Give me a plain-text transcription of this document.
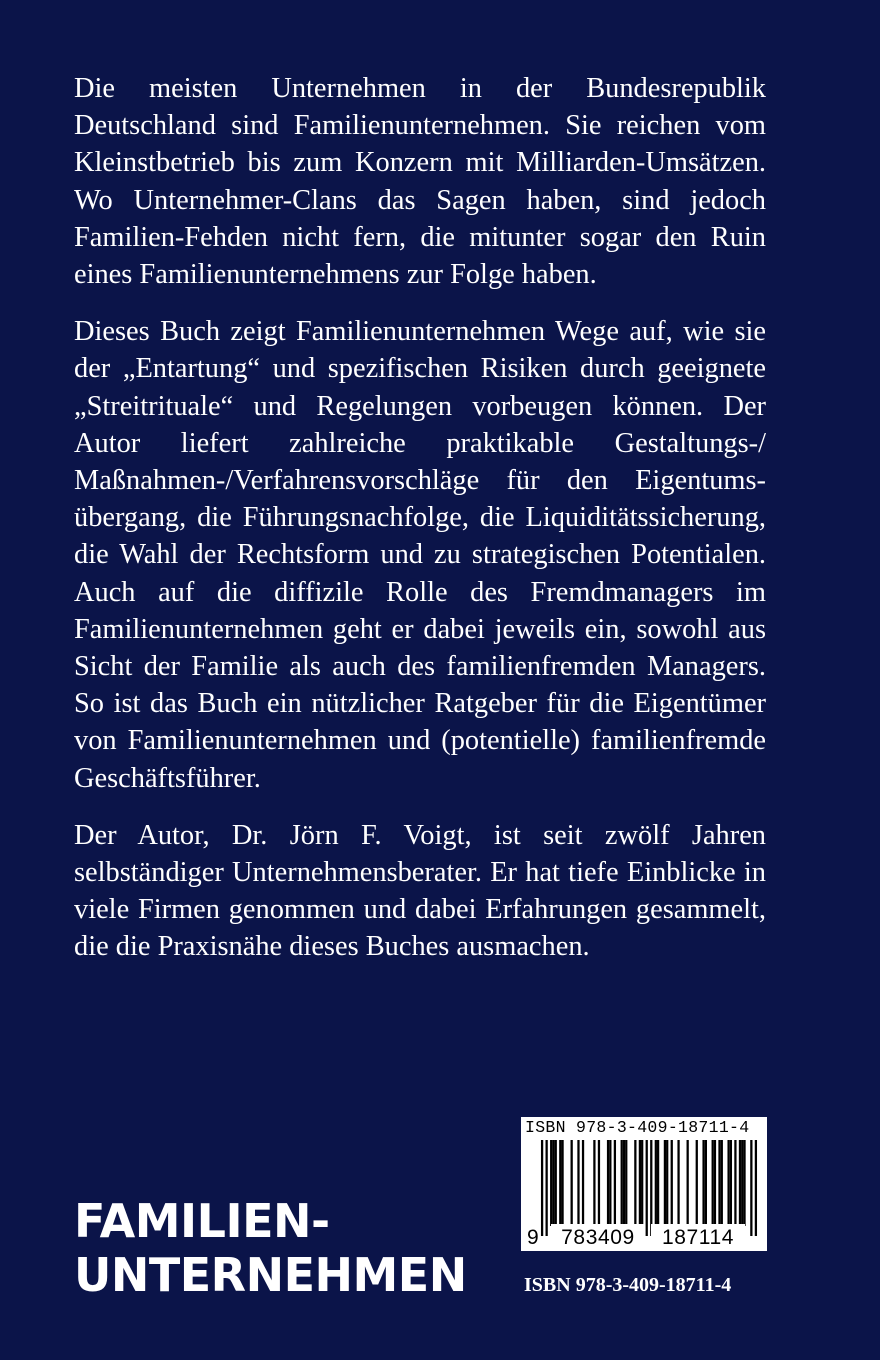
Die meisten Unternehmen in der Bundesrepublik Deutschland sind Familienunternehmen. Sie reichen vom Kleinstbetrieb bis zum Konzern mit Milliarden-Umsätzen. Wo Unternehmer-Clans das Sagen haben, sind jedoch Familien-Fehden nicht fern, die mitunter sogar den Ruin eines Familienunternehmens zur Folge haben.

Dieses Buch zeigt Familienunternehmen Wege auf, wie sie der „Entartung“ und spezifischen Risiken durch geeignete „Streitrituale“ und Regelungen vorbeugen können. Der Autor liefert zahlreiche praktikable Gestaltungs-/ Maßnahmen-/Verfahrensvorschläge für den Eigentumsübergang, die Führungsnachfolge, die Liquiditätssicherung, die Wahl der Rechtsform und zu strategischen Potentialen. Auch auf die diffizile Rolle des Fremdmanagers im Familienunternehmen geht er dabei jeweils ein, sowohl aus Sicht der Familie als auch des familienfremden Managers. So ist das Buch ein nützlicher Ratgeber für die Eigentümer von Familienunternehmen und (potentielle) familienfremde Geschäftsführer.

Der Autor, Dr. Jörn F. Voigt, ist seit zwölf Jahren selbständiger Unternehmensberater. Er hat tiefe Einblicke in viele Firmen genommen und dabei Erfahrungen gesammelt, die die Praxisnähe dieses Buches ausmachen.

ISBN 978-3-409-18711-4
9	783409	187114
FAMILIEN-
UNTERNEHMEN	ISBN 978-3-409-18711-4
